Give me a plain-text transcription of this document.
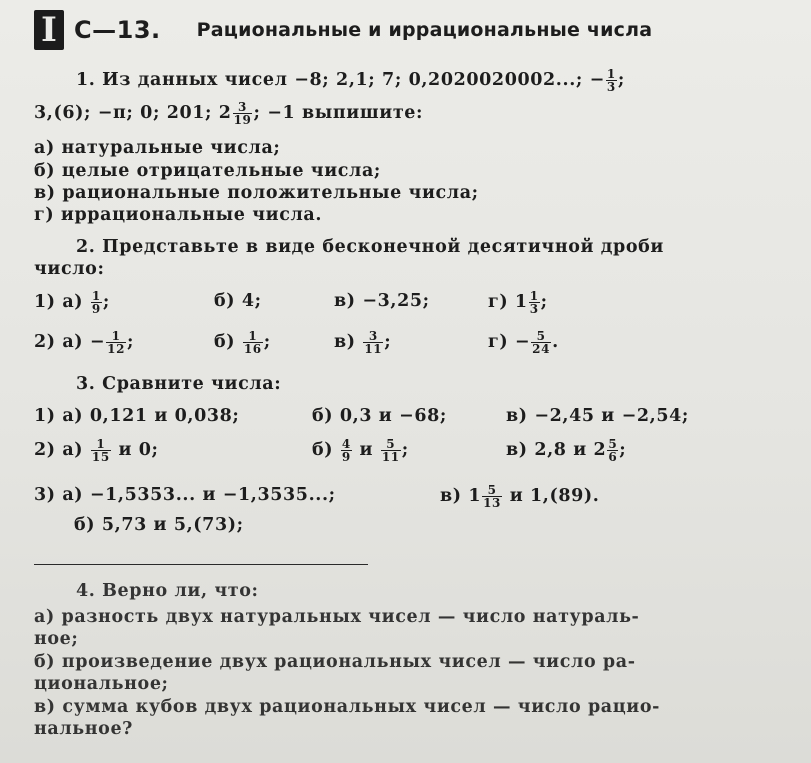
I С—13. Рациональные и иррациональные числа
1. Из данных чисел −8; 2,1; 7; 0,2020020002...; − $\frac{1}{3}$ ;
3,(6); −π; 0; 201; $2 \frac{3}{19}$ ; −1 выпишите:
а) натуральные числа;
б) целые отрицательные числа;
в) рациональные положительные числа;
г) иррациональные числа.
2. Представьте в виде бесконечной десятичной дроби
число:
1) $а) \frac{1}{9}$ ;	б) 4;	в) −3,25;	г) $1 \frac{1}{3}$ ;
2) $а) - \frac{1}{12}$ ;	$б) \frac{1}{16}$ ;	$в) \frac{3}{11}$ ;	$г) - \frac{5}{24}$ .
3. Сравните числа:
1) а) 0,121 и 0,038;	б) 0,3 и −68;	в) −2,45 и −2,54;
2) $а) \frac{1}{15}$ и 0;	$б) \frac{4}{9}$ и $\frac{5}{11}$ ;	в) 2,8 и $2 \frac{5}{6}$ ;
3) а) −1,5353... и −1,3535...;	в) $1 \frac{5}{13}$ и 1,(89).
б) 5,73 и 5,(73);
4. Верно ли, что:
а) разность двух натуральных чисел — число натураль-
ное;
б) произведение двух рациональных чисел — число ра-
циональное;
в) сумма кубов двух рациональных чисел — число рацио-
нальное?
